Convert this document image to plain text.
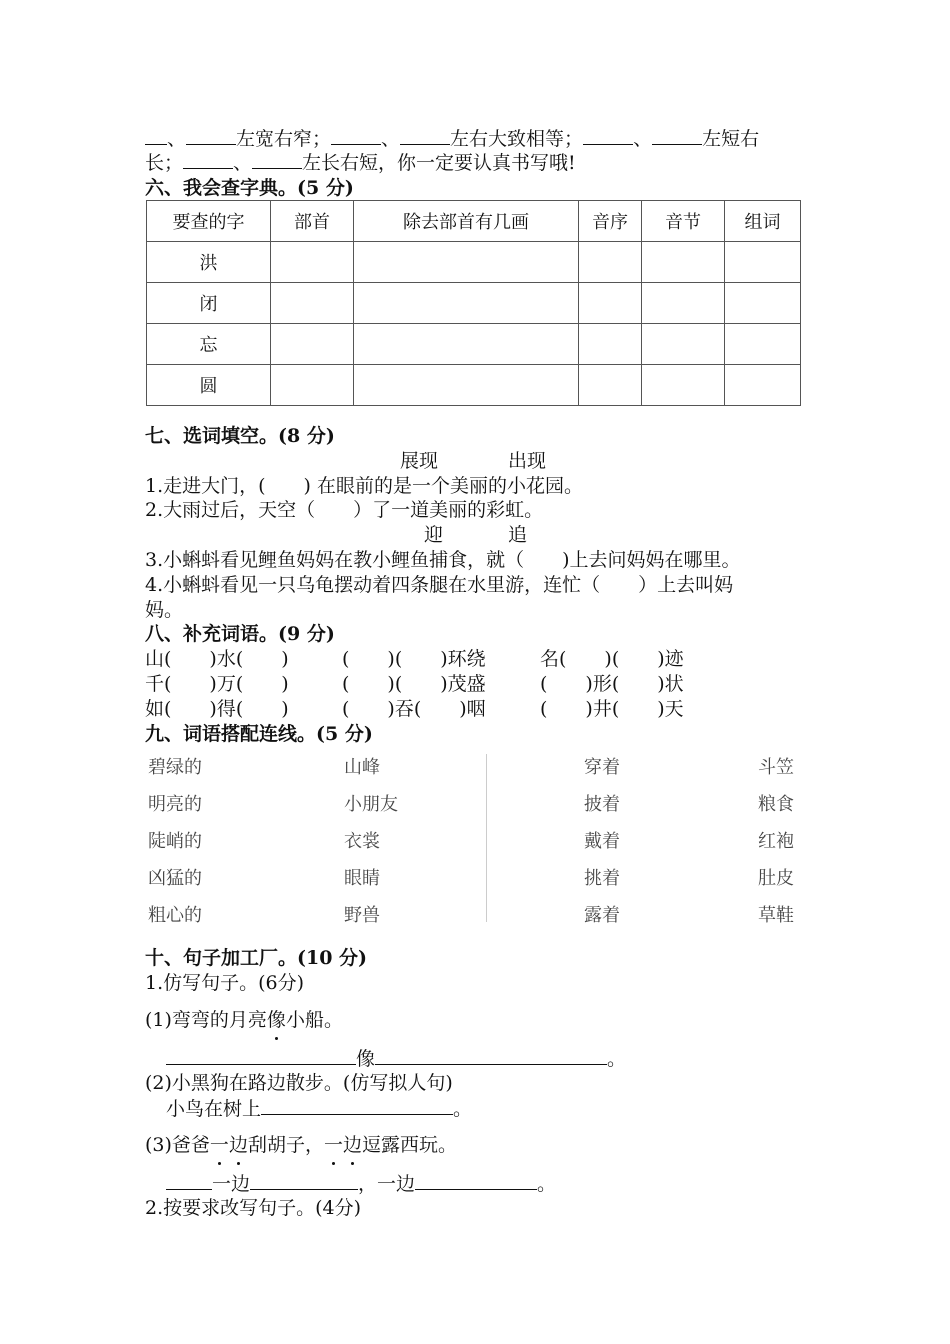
、	左宽右窄；	、	左右大致相等；	、	左短右
长；	、	左长右短，你一定要认真书写哦!
六、我会查字典。(5 分)
要查的字	部首	除去部首有几画	音序	音节	组词
洪					
闭					
忘					
圆					
七、选词填空。(8 分)
展现	出现
1.走进大门，(　　) 在眼前的是一个美丽的小花园。
2.大雨过后，天空（　　）了一道美丽的彩虹。
迎	追
3.小蝌蚪看见鲤鱼妈妈在教小鲤鱼捕食，就（　　)上去问妈妈在哪里。
4.小蝌蚪看见一只乌龟摆动着四条腿在水里游，连忙（　　）上去叫妈
妈。
八、补充词语。(9 分)
山(　　)水(　　)	(　　)(　　)环绕	名(　　)(　　)迹
千(　　)万(　　)	(　　)(　　)茂盛	(　　)形(　　)状
如(　　)得(　　)	(　　)吞(　　)咽	(　　)井(　　)天
九、词语搭配连线。(5 分)
碧绿的
明亮的
陡峭的
凶猛的
粗心的
山峰
小朋友
衣裳
眼睛
野兽
穿着
披着
戴着
挑着
露着
斗笠
粮食
红袍
肚皮
草鞋
十、句子加工厂。(10 分)
1.仿写句子。(6分)
(1)弯弯的月亮像小船。
像	。
(2)小黑狗在路边散步。(仿写拟人句)
小鸟在树上	。
(3)爸爸一边刮胡子，一边逗露西玩。
一边	，一边	。
2.按要求改写句子。(4分)
